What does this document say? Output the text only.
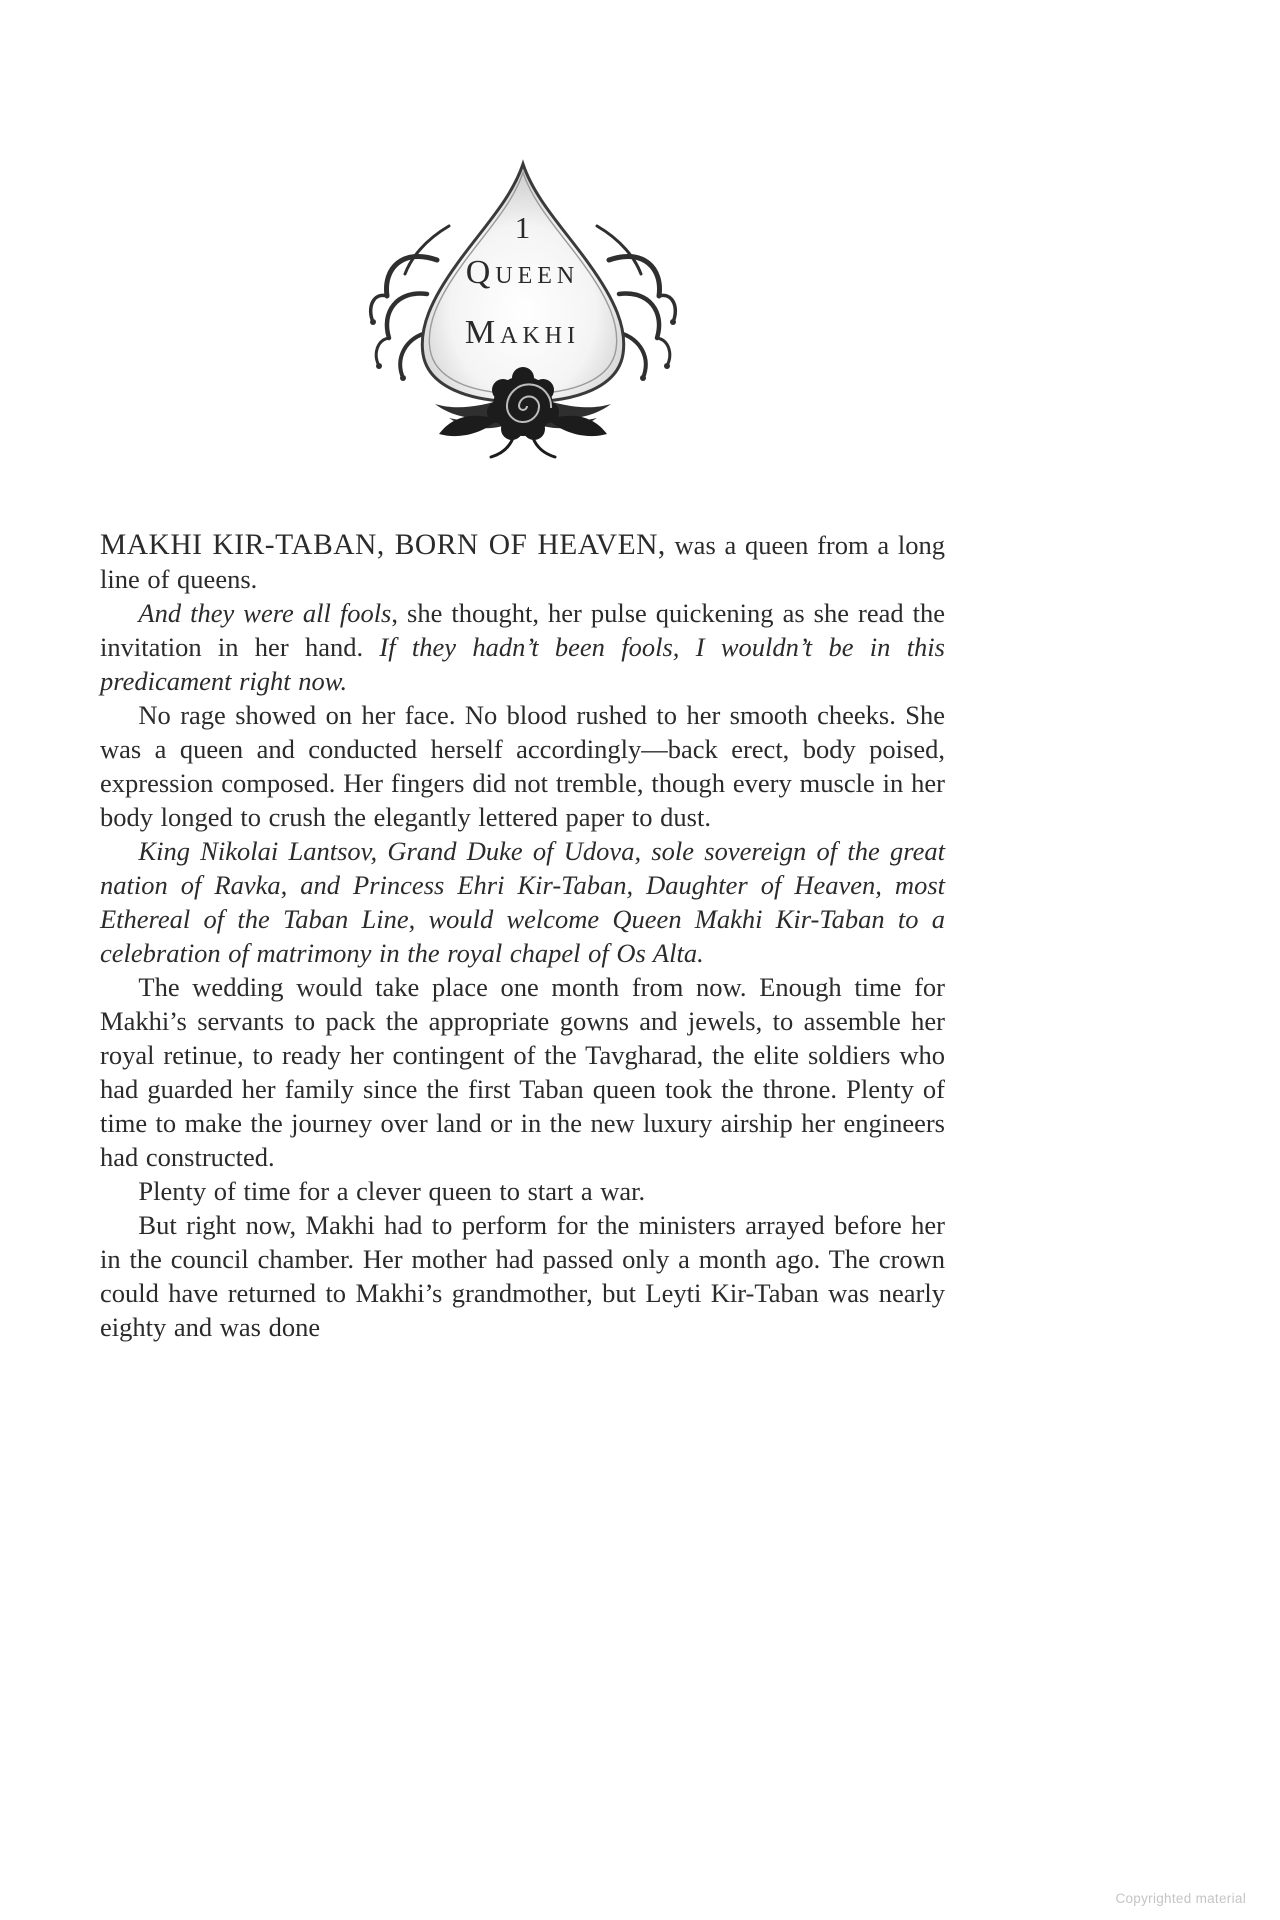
1
Queen
Makhi

MAKHI KIR-TABAN, BORN OF HEAVEN, was a queen from a long line of queens.

And they were all fools, she thought, her pulse quickening as she read the invitation in her hand. If they hadn’t been fools, I wouldn’t be in this predicament right now.

No rage showed on her face. No blood rushed to her smooth cheeks. She was a queen and conducted herself accordingly—back erect, body poised, expression composed. Her fingers did not tremble, though every muscle in her body longed to crush the elegantly lettered paper to dust.

King Nikolai Lantsov, Grand Duke of Udova, sole sovereign of the great nation of Ravka, and Princess Ehri Kir-Taban, Daughter of Heaven, most Ethereal of the Taban Line, would welcome Queen Makhi Kir-Taban to a celebration of matrimony in the royal chapel of Os Alta.

The wedding would take place one month from now. Enough time for Makhi’s servants to pack the appropriate gowns and jewels, to assemble her royal retinue, to ready her contingent of the Tavgharad, the elite soldiers who had guarded her family since the first Taban queen took the throne. Plenty of time to make the journey over land or in the new luxury airship her engineers had constructed.

Plenty of time for a clever queen to start a war.

But right now, Makhi had to perform for the ministers arrayed before her in the council chamber. Her mother had passed only a month ago. The crown could have returned to Makhi’s grandmother, but Leyti Kir-Taban was nearly eighty and was done

Copyrighted material
